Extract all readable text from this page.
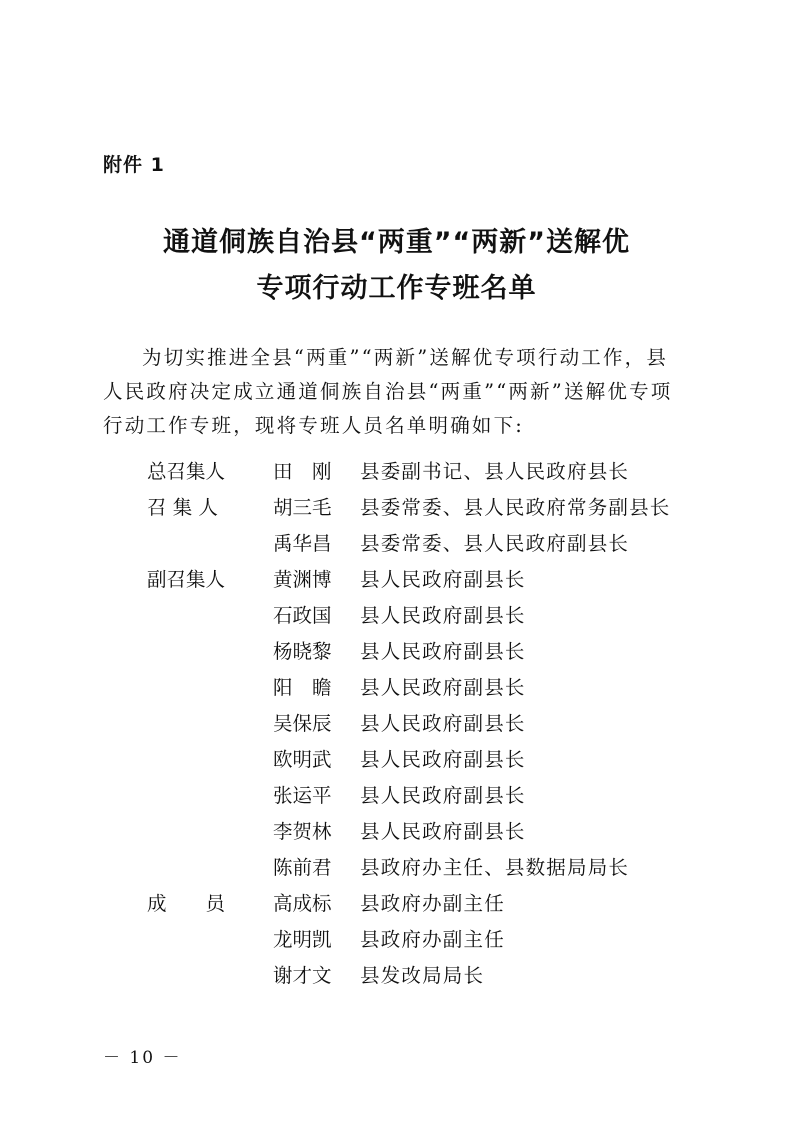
附件 1
通道侗族自治县“两重”“两新”送解优
专项行动工作专班名单
为切实推进全县“两重”“两新”送解优专项行动工作，县
人民政府决定成立通道侗族自治县“两重”“两新”送解优专项
行动工作专班，现将专班人员名单明确如下:
总召集人 田　刚 县委副书记、县人民政府县长
召 集 人	胡三毛 县委常委、县人民政府常务副县长
禹华昌 县委常委、县人民政府副县长
副召集人 黄渊博 县人民政府副县长
石政国 县人民政府副县长
杨晓黎 县人民政府副县长
阳　瞻 县人民政府副县长
吴保辰 县人民政府副县长
欧明武 县人民政府副县长
张运平 县人民政府副县长
李贺林 县人民政府副县长
陈前君 县政府办主任、县数据局局长
成　　员 高成标 县政府办副主任
龙明凯 县政府办副主任
谢才文 县发改局局长
－ 10 －
